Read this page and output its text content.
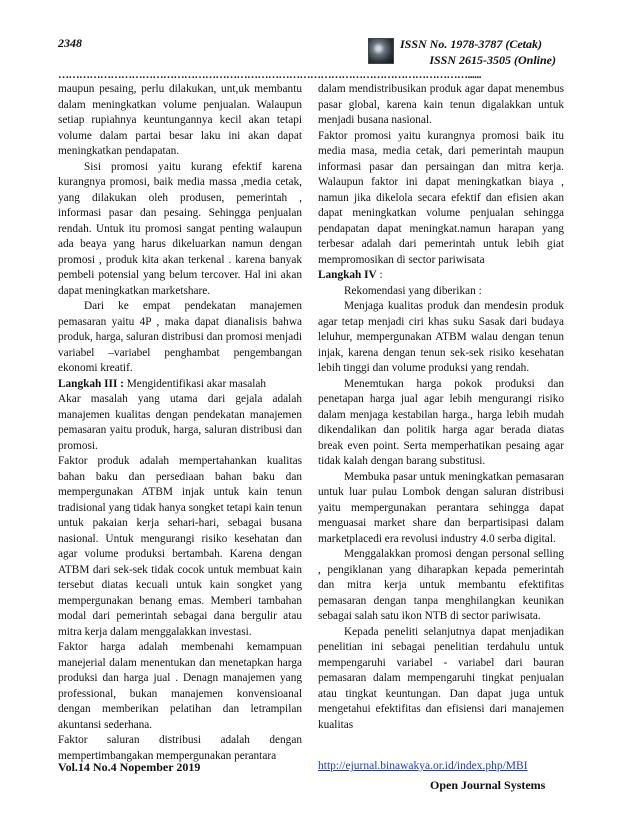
2348	ISSN No. 1978-3787 (Cetak)
ISSN 2615-3505 (Online)
………………………………………………………………………………………………………......

maupun pesaing, perlu dilakukan, unt,uk membantu dalam meningkatkan volume penjualan. Walaupun setiap rupiahnya keuntungannya kecil akan tetapi volume dalam partai besar laku ini akan dapat meningkatkan pendapatan.

Sisi promosi yaitu kurang efektif karena kurangnya promosi, baik media massa ,media cetak, yang dilakukan oleh produsen, pemerintah , informasi pasar dan pesaing. Sehingga penjualan rendah. Untuk itu promosi sangat penting walaupun ada beaya yang harus dikeluarkan namun dengan promosi , produk kita akan terkenal . karena banyak pembeli potensial yang belum tercover. Hal ini akan dapat meningkatkan marketshare.

Dari ke empat pendekatan manajemen pemasaran yaitu 4P , maka dapat dianalisis bahwa produk, harga, saluran distribusi dan promosi menjadi variabel –variabel penghambat pengembangan ekonomi kreatif.

Langkah III : Mengidentifikasi akar masalah

Akar masalah yang utama dari gejala adalah manajemen kualitas dengan pendekatan manajemen pemasaran yaitu produk, harga, saluran distribusi dan promosi.

Faktor produk adalah mempertahankan kualitas bahan baku dan persediaan bahan baku dan mempergunakan ATBM injak untuk kain tenun tradisional yang tidak hanya songket tetapi kain tenun untuk pakaian kerja sehari-hari, sebagai busana nasional. Untuk mengurangi risiko kesehatan dan agar volume produksi bertambah. Karena dengan ATBM dari sek-sek tidak cocok untuk membuat kain tersebut diatas kecuali untuk kain songket yang mempergunakan benang emas. Memberi tambahan modal dari pemerintah sebagai dana bergulir atau mitra kerja dalam menggalakkan investasi.

Faktor harga adalah membenahi kemampuan manejerial dalam menentukan dan menetapkan harga produksi dan harga jual . Denagn manajemen yang professional, bukan manajemen konvensioanal dengan memberikan pelatihan dan letrampilan akuntansi sederhana.

Faktor saluran distribusi adalah dengan mempertimbangakan mempergunakan perantara

dalam mendistribusikan produk agar dapat menembus pasar global, karena kain tenun digalakkan untuk menjadi busana nasional.

Faktor promosi yaitu kurangnya promosi baik itu media masa, media cetak, dari pemerintah maupun informasi pasar dan persaingan dan mitra kerja. Walaupun faktor ini dapat meningkatkan biaya , namun jika dikelola secara efektif dan efisien akan dapat meningkatkan volume penjualan sehingga pendapatan dapat meningkat.namun harapan yang terbesar adalah dari pemerintah untuk lebih giat mempromosikan di sector pariwisata

Langkah IV :

Rekomendasi yang diberikan :

Menjaga kualitas produk dan mendesin produk agar tetap menjadi ciri khas suku Sasak dari budaya leluhur, mempergunakan ATBM walau dengan tenun injak, karena dengan tenun sek-sek risiko kesehatan lebih tinggi dan volume produksi yang rendah.

Menemtukan harga pokok produksi dan penetapan harga jual agar lebih mengurangi risiko dalam menjaga kestabilan harga., harga lebih mudah dikendalikan dan politik harga agar berada diatas break even point. Serta memperhatikan pesaing agar tidak kalah dengan barang substitusi.

Membuka pasar untuk meningkatkan pemasaran untuk luar pulau Lombok dengan saluran distribusi yaitu mempergunakan perantara sehingga dapat menguasai market share dan berpartisipasi dalam marketplacedi era revolusi industry 4.0 serba digital.

Menggalakkan promosi dengan personal selling , pengiklanan yang diharapkan kepada pemerintah dan mitra kerja untuk membantu efektifitas pemasaran dengan tanpa menghilangkan keunikan sebagai salah satu ikon NTB di sector pariwisata.

Kepada peneliti selanjutnya dapat menjadikan penelitian ini sebagai penelitian terdahulu untuk mempengaruhi variabel - variabel dari bauran pemasaran dalam mempengaruhi tingkat penjualan atau tingkat keuntungan. Dan dapat juga untuk mengetahui efektifitas dan efisiensi dari manajemen kualitas

Vol.14 No.4 Nopember 2019	http://ejurnal.binawakya.or.id/index.php/MBI
Open Journal Systems
